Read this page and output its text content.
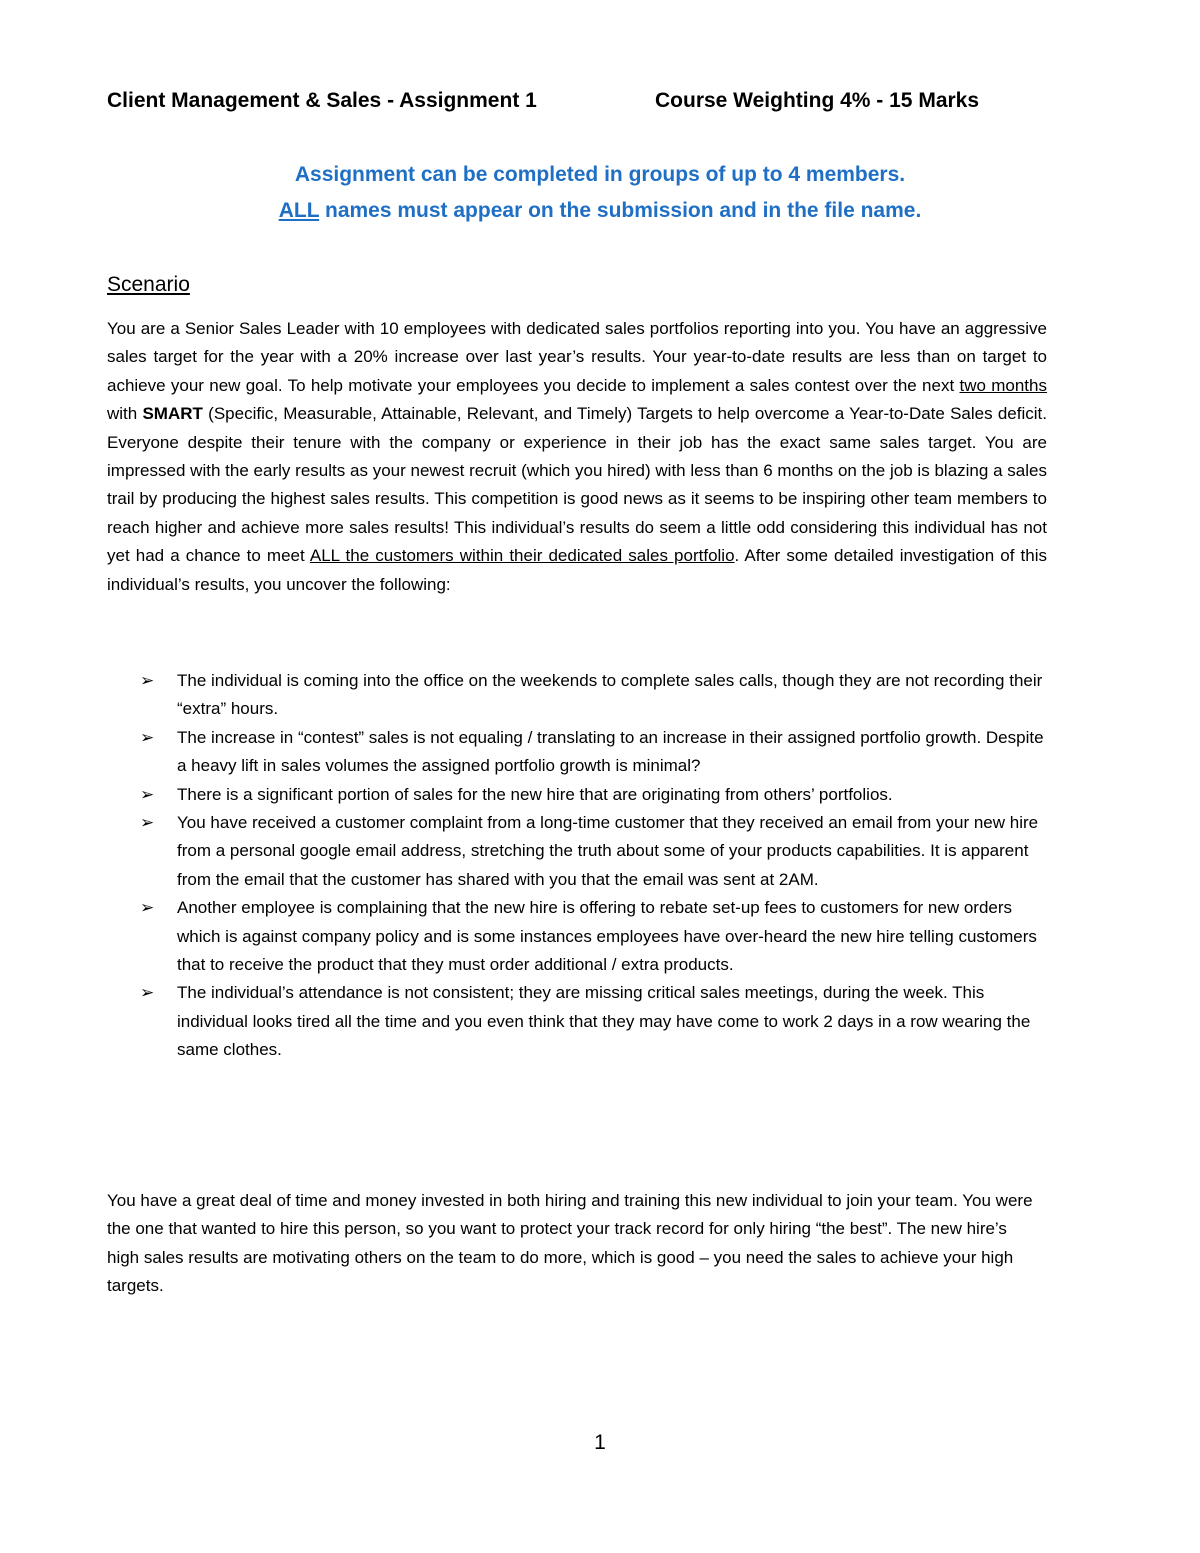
Client Management & Sales - Assignment 1	Course Weighting 4% - 15 Marks
Assignment can be completed in groups of up to 4 members.
ALL names must appear on the submission and in the file name.
Scenario
You are a Senior Sales Leader with 10 employees with dedicated sales portfolios reporting into you. You have an aggressive sales target for the year with a 20% increase over last year’s results. Your year-to-date results are less than on target to achieve your new goal. To help motivate your employees you decide to implement a sales contest over the next two months with SMART (Specific, Measurable, Attainable, Relevant, and Timely) Targets to help overcome a Year-to-Date Sales deficit. Everyone despite their tenure with the company or experience in their job has the exact same sales target. You are impressed with the early results as your newest recruit (which you hired) with less than 6 months on the job is blazing a sales trail by producing the highest sales results. This competition is good news as it seems to be inspiring other team members to reach higher and achieve more sales results! This individual’s results do seem a little odd considering this individual has not yet had a chance to meet ALL the customers within their dedicated sales portfolio. After some detailed investigation of this individual’s results, you uncover the following:
➢ The individual is coming into the office on the weekends to complete sales calls, though they are not recording their “extra” hours.
➢ The increase in “contest” sales is not equaling / translating to an increase in their assigned portfolio growth. Despite a heavy lift in sales volumes the assigned portfolio growth is minimal?
➢ There is a significant portion of sales for the new hire that are originating from others’ portfolios.
➢ You have received a customer complaint from a long-time customer that they received an email from your new hire from a personal google email address, stretching the truth about some of your products capabilities. It is apparent from the email that the customer has shared with you that the email was sent at 2AM.
➢ Another employee is complaining that the new hire is offering to rebate set-up fees to customers for new orders which is against company policy and is some instances employees have over-heard the new hire telling customers that to receive the product that they must order additional / extra products.
➢ The individual’s attendance is not consistent; they are missing critical sales meetings, during the week. This individual looks tired all the time and you even think that they may have come to work 2 days in a row wearing the same clothes.
You have a great deal of time and money invested in both hiring and training this new individual to join your team. You were the one that wanted to hire this person, so you want to protect your track record for only hiring “the best”. The new hire’s high sales results are motivating others on the team to do more, which is good – you need the sales to achieve your high targets.
1
